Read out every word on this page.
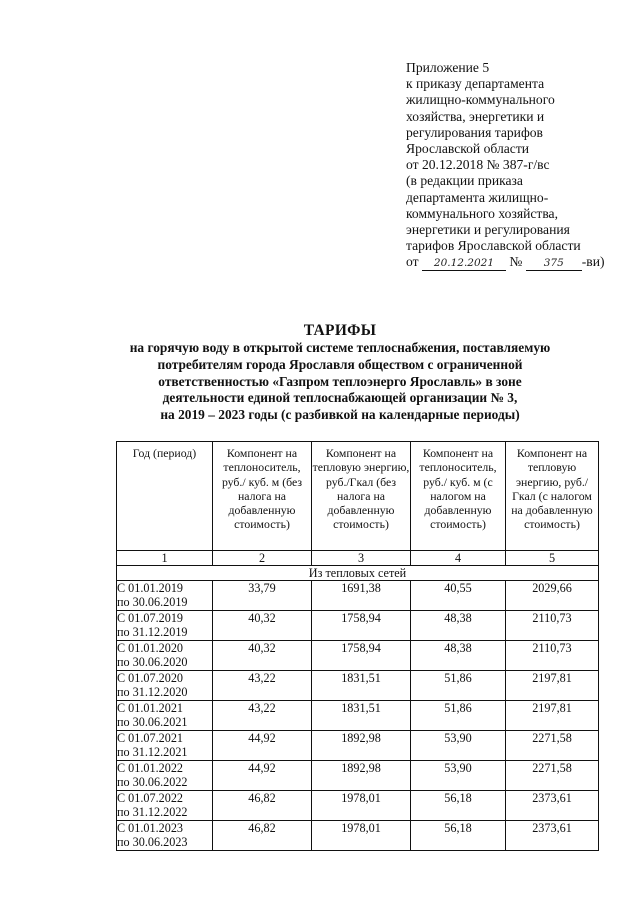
Приложение 5
к приказу департамента
жилищно-коммунального
хозяйства, энергетики и
регулирования тарифов
Ярославской области
от 20.12.2018 № 387-г/вс
(в редакции приказа
департамента жилищно-
коммунального хозяйства,
энергетики и регулирования
тарифов Ярославской области
от 20.12.2021 № 375 -ви)
ТАРИФЫ
на горячую воду в открытой системе теплоснабжения, поставляемую
потребителям города Ярославля обществом с ограниченной
ответственностью «Газпром теплоэнерго Ярославль» в зоне
деятельности единой теплоснабжающей организации № 3,
на 2019 – 2023 годы (с разбивкой на календарные периоды)
Год (период)	Компонент на теплоноситель, руб./ куб. м (без налога на добавленную стоимость)	Компонент на тепловую энергию, руб./Гкал (без налога на добавленную стоимость)	Компонент на теплоноситель, руб./ куб. м (с налогом на добавленную стоимость)	Компонент на тепловую энергию, руб./Гкал (с налогом на добавленную стоимость)
1	2	3	4	5
Из тепловых сетей				

С 01.01.2019
по 30.06.2019	33,79	1691,38	40,55	2029,66

С 01.07.2019
по 31.12.2019	40,32	1758,94	48,38	2110,73

С 01.01.2020
по 30.06.2020	40,32	1758,94	48,38	2110,73

С 01.07.2020
по 31.12.2020	43,22	1831,51	51,86	2197,81

С 01.01.2021
по 30.06.2021	43,22	1831,51	51,86	2197,81

С 01.07.2021
по 31.12.2021	44,92	1892,98	53,90	2271,58

С 01.01.2022
по 30.06.2022	44,92	1892,98	53,90	2271,58

С 01.07.2022
по 31.12.2022	46,82	1978,01	56,18	2373,61

С 01.01.2023
по 30.06.2023	46,82	1978,01	56,18	2373,61
